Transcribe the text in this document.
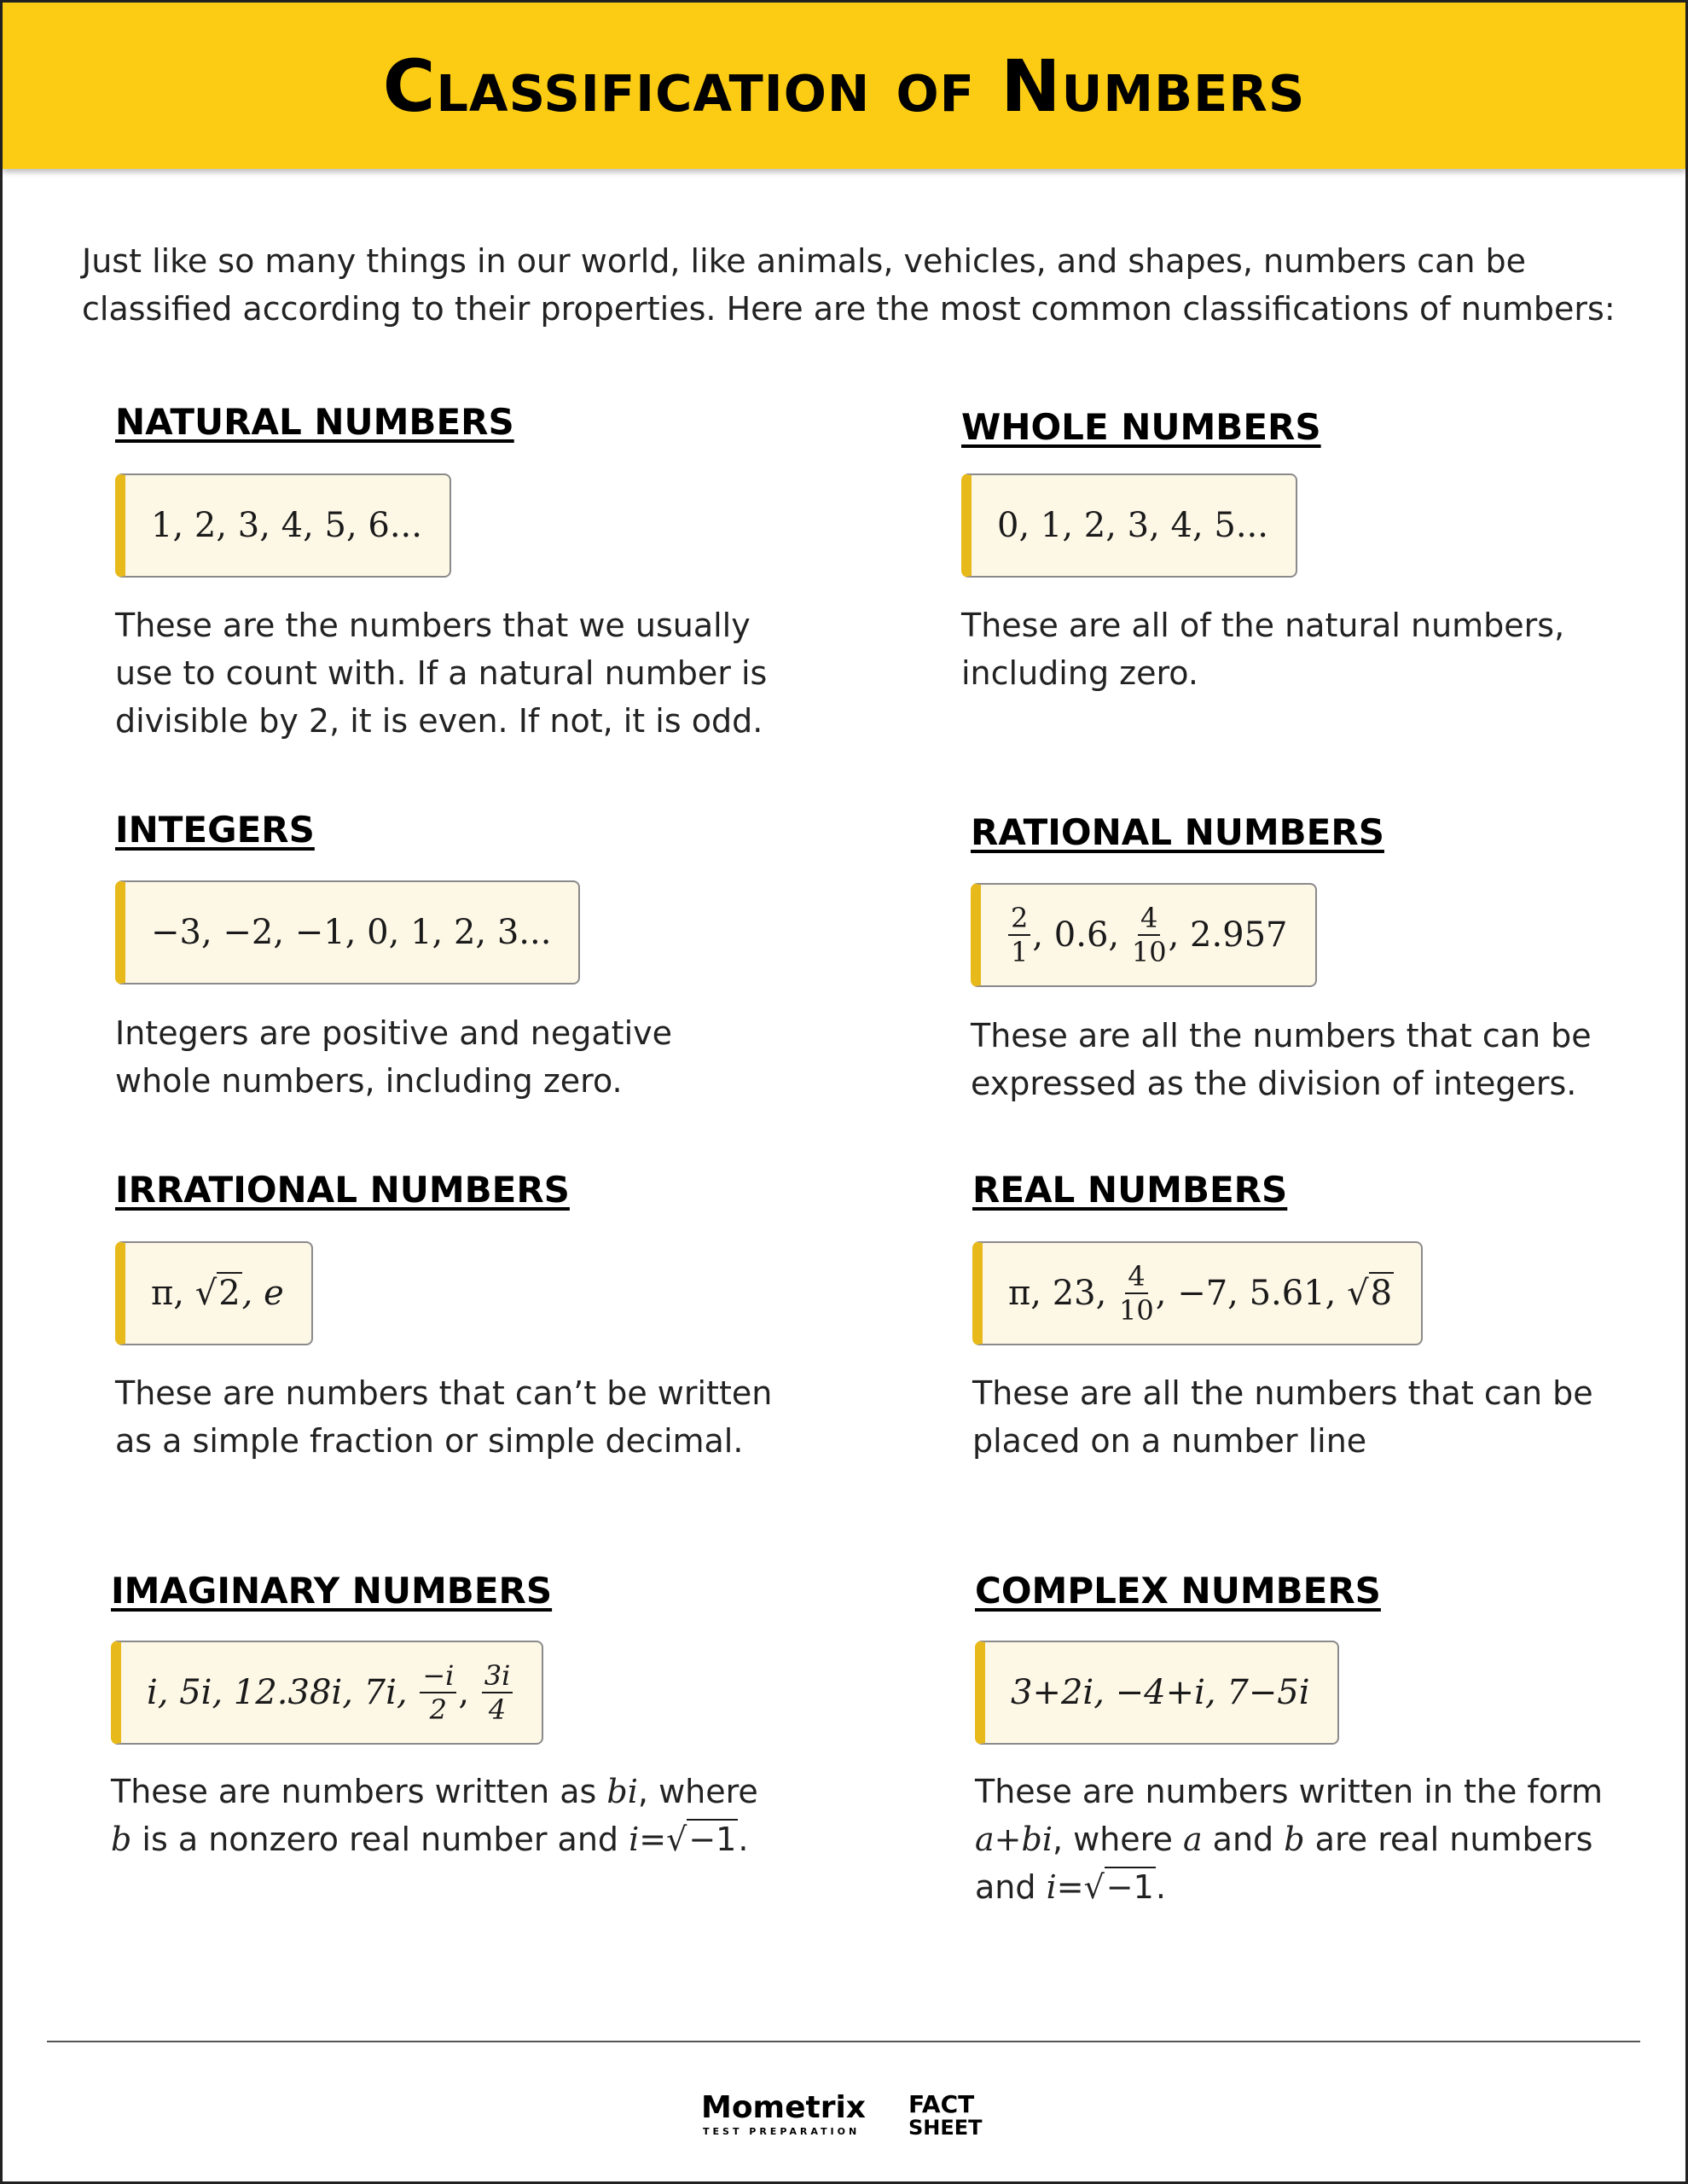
Classification of Numbers

Just like so many things in our world, like animals, vehicles, and shapes, numbers can be classified according to their properties. Here are the most common classifications of numbers:

NATURAL NUMBERS
1, 2, 3, 4, 5, 6...

These are the numbers that we usually use to count with. If a natural number is divisible by 2, it is even. If not, it is odd.

WHOLE NUMBERS
0, 1, 2, 3, 4, 5...

These are all of the natural numbers, including zero.

INTEGERS
−3, −2, −1, 0, 1, 2, 3...

Integers are positive and negative whole numbers, including zero.

RATIONAL NUMBERS
$\frac{2}{1}$ , 0.6, $\frac{4}{10}$ , 2.957

These are all the numbers that can be expressed as the division of integers.

IRRATIONAL NUMBERS
π, √2 , e

These are numbers that can’t be written as a simple fraction or simple decimal.

REAL NUMBERS
π, 23, $\frac{4}{10}$ , −7, 5.61, √8

These are all the numbers that can be placed on a number line

IMAGINARY NUMBERS
i, 5i, 12.38i, 7i, $\frac{-i}{2}$ , $\frac{3i}{4}$

These are numbers written as bi, where b is a nonzero real number and i=√−1.

COMPLEX NUMBERS
3+2i, −4+i, 7−5i

These are numbers written in the form a+bi, where a and b are real numbers and i=√−1.

Mometrix
TEST PREPARATION
FACT
SHEET
